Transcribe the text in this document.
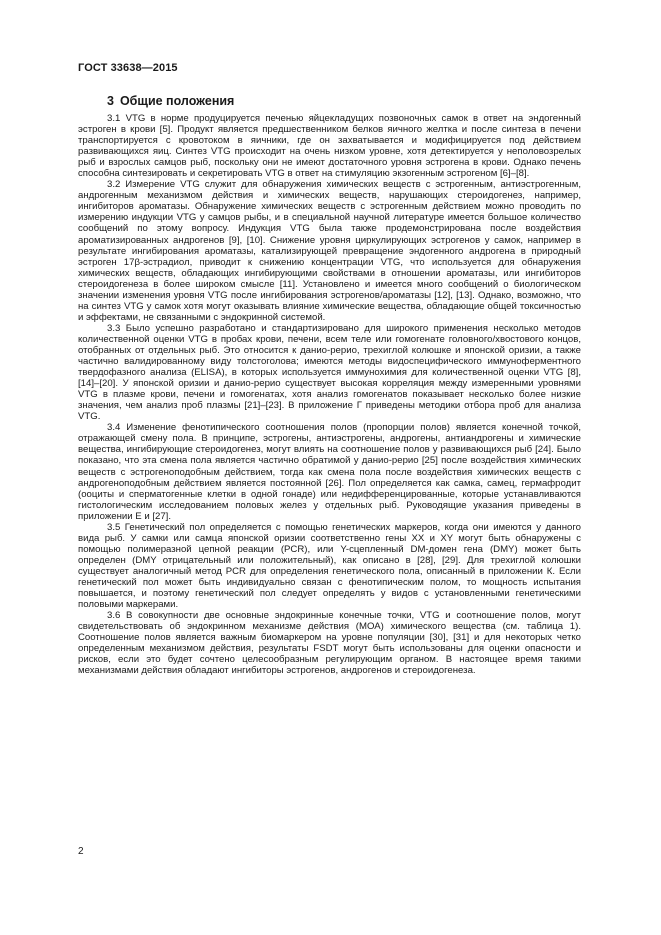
ГОСТ 33638—2015
3 Общие положения

3.1 VTG в норме продуцируется печенью яйцекладущих позвоночных самок в ответ на эндогенный эстроген в крови [5]. Продукт является предшественником белков яичного желтка и после синтеза в печени транспортируется с кровотоком в яичники, где он захватывается и модифицируется под действием развивающихся яиц. Синтез VTG происходит на очень низком уровне, хотя детектируется у неполовозрелых рыб и взрослых самцов рыб, поскольку они не имеют достаточного уровня эстрогена в крови. Однако печень способна синтезировать и секретировать VTG в ответ на стимуляцию экзогенным эстрогеном [6]–[8].

3.2 Измерение VTG служит для обнаружения химических веществ с эстрогенным, антиэстрогенным, андрогенным механизмом действия и химических веществ, нарушающих стероидогенез, например, ингибиторов ароматазы. Обнаружение химических веществ с эстрогенным действием можно проводить по измерению индукции VTG у самцов рыбы, и в специальной научной литературе имеется большое количество сообщений по этому вопросу. Индукция VTG была также продемонстрирована после воздействия ароматизированных андрогенов [9], [10]. Снижение уровня циркулирующих эстрогенов у самок, например в результате ингибирования ароматазы, катализирующей превращение эндогенного андрогена в природный эстроген 17β-эстрадиол, приводит к снижению концентрации VTG, что используется для обнаружения химических веществ, обладающих ингибирующими свойствами в отношении ароматазы, или ингибиторов стероидогенеза в более широком смысле [11]. Установлено и имеется много сообщений о биологическом значении изменения уровня VTG после ингибирования эстрогенов/ароматазы [12], [13]. Однако, возможно, что на синтез VTG у самок хотя могут оказывать влияние химические вещества, обладающие общей токсичностью и эффектами, не связанными с эндокринной системой.

3.3 Было успешно разработано и стандартизировано для широкого применения несколько методов количественной оценки VTG в пробах крови, печени, всем теле или гомогенате головного/хвостового концов, отобранных от отдельных рыб. Это относится к данио-рерио, трехиглой колюшке и японской оризии, а также частично валидированному виду толстоголова; имеются методы видоспецифического иммуноферментного твердофазного анализа (ELISA), в которых используется иммунохимия для количественной оценки VTG [8], [14]–[20]. У японской оризии и данио-рерио существует высокая корреляция между измеренными уровнями VTG в плазме крови, печени и гомогенатах, хотя анализ гомогенатов показывает несколько более низкие значения, чем анализ проб плазмы [21]–[23]. В приложение Г приведены методики отбора проб для анализа VTG.

3.4 Изменение фенотипического соотношения полов (пропорции полов) является конечной точкой, отражающей смену пола. В принципе, эстрогены, антиэстрогены, андрогены, антиандрогены и химические вещества, ингибирующие стероидогенез, могут влиять на соотношение полов у развивающихся рыб [24]. Было показано, что эта смена пола является частично обратимой у данио-рерио [25] после воздействия химических веществ с эстрогеноподобным действием, тогда как смена пола после воздействия химических веществ с андрогеноподобным действием является постоянной [26]. Пол определяется как самка, самец, гермафродит (ооциты и сперматогенные клетки в одной гонаде) или недифференцированные, которые устанавливаются гистологическим исследованием половых желез у отдельных рыб. Руководящие указания приведены в приложении Е и [27].

3.5 Генетический пол определяется с помощью генетических маркеров, когда они имеются у данного вида рыб. У самки или самца японской оризии соответственно гены XX и XY могут быть обнаружены с помощью полимеразной цепной реакции (PCR), или Y-сцепленный DM-домен гена (DMY) может быть определен (DMY отрицательный или положительный), как описано в [28], [29]. Для трехиглой колюшки существует аналогичный метод PCR для определения генетического пола, описанный в приложении К. Если генетический пол может быть индивидуально связан с фенотипическим полом, то мощность испытания повышается, и поэтому генетический пол следует определять у видов с установленными генетическими половыми маркерами.

3.6 В совокупности две основные эндокринные конечные точки, VTG и соотношение полов, могут свидетельствовать об эндокринном механизме действия (МОА) химического вещества (см. таблица 1). Соотношение полов является важным биомаркером на уровне популяции [30], [31] и для некоторых четко определенным механизмом действия, результаты FSDT могут быть использованы для оценки опасности и рисков, если это будет сочтено целесообразным регулирующим органом. В настоящее время такими механизмами действия обладают ингибиторы эстрогенов, андрогенов и стероидогенеза.

2
